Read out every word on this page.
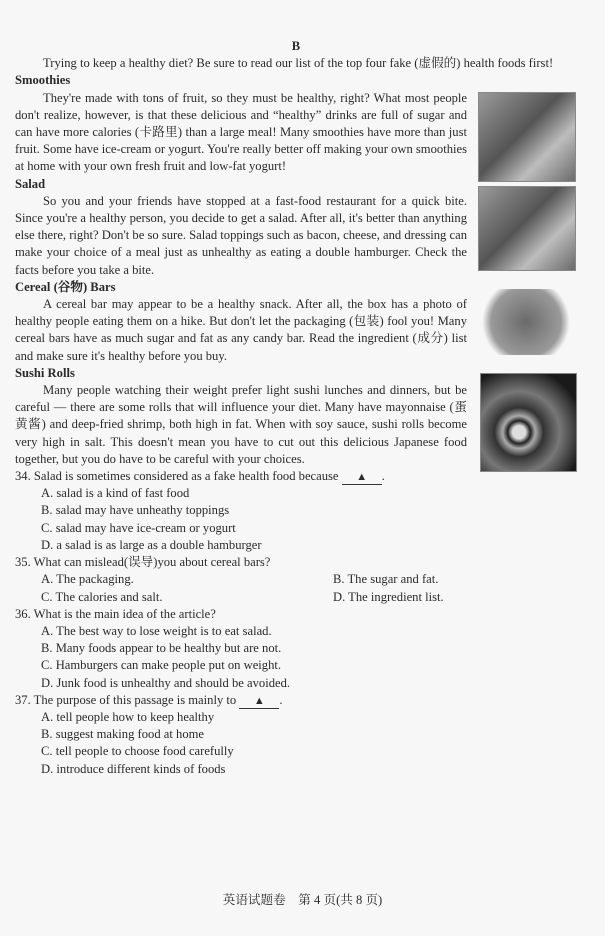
B

Trying to keep a healthy diet? Be sure to read our list of the top four fake (虚假的) health foods first!

Smoothies

They're made with tons of fruit, so they must be healthy, right? What most people don't realize, however, is that these delicious and “healthy” drinks are full of sugar and can have more calories (卡路里) than a large meal! Many smoothies have more than just fruit. Some have ice-cream or yogurt. You're really better off making your own smoothies at home with your own fresh fruit and low-fat yogurt!

Salad

So you and your friends have stopped at a fast-food restaurant for a quick bite. Since you're a healthy person, you decide to get a salad. After all, it's better than anything else there, right? Don't be so sure. Salad toppings such as bacon, cheese, and dressing can make your choice of a meal just as unhealthy as eating a double hamburger. Check the facts before you take a bite.

Cereal (谷物) Bars

A cereal bar may appear to be a healthy snack. After all, the box has a photo of healthy people eating them on a hike. But don't let the packaging (包装) fool you! Many cereal bars have as much sugar and fat as any candy bar. Read the ingredient (成分) list and make sure it's healthy before you buy.

Sushi Rolls

Many people watching their weight prefer light sushi lunches and dinners, but be careful — there are some rolls that will influence your diet. Many have mayonnaise (蛋黄酱) and deep-fried shrimp, both high in fat. When with soy sauce, sushi rolls become very high in salt. This doesn't mean you have to cut out this delicious Japanese food together, but you do have to be careful with your choices.

34. Salad is sometimes considered as a fake health food because ▲ .

A. salad is a kind of fast food

B. salad may have unheathy toppings

C. salad may have ice-cream or yogurt

D. a salad is as large as a double hamburger

35. What can mislead(误导)you about cereal bars?

A. The packaging.	B. The sugar and fat.
C. The calories and salt.	D. The ingredient list.

36. What is the main idea of the article?

A. The best way to lose weight is to eat salad.

B. Many foods appear to be healthy but are not.

C. Hamburgers can make people put on weight.

D. Junk food is unhealthy and should be avoided.

37. The purpose of this passage is mainly to ▲ .

A. tell people how to keep healthy

B. suggest making food at home

C. tell people to choose food carefully

D. introduce different kinds of foods

英语试题卷　第 4 页(共 8 页)
